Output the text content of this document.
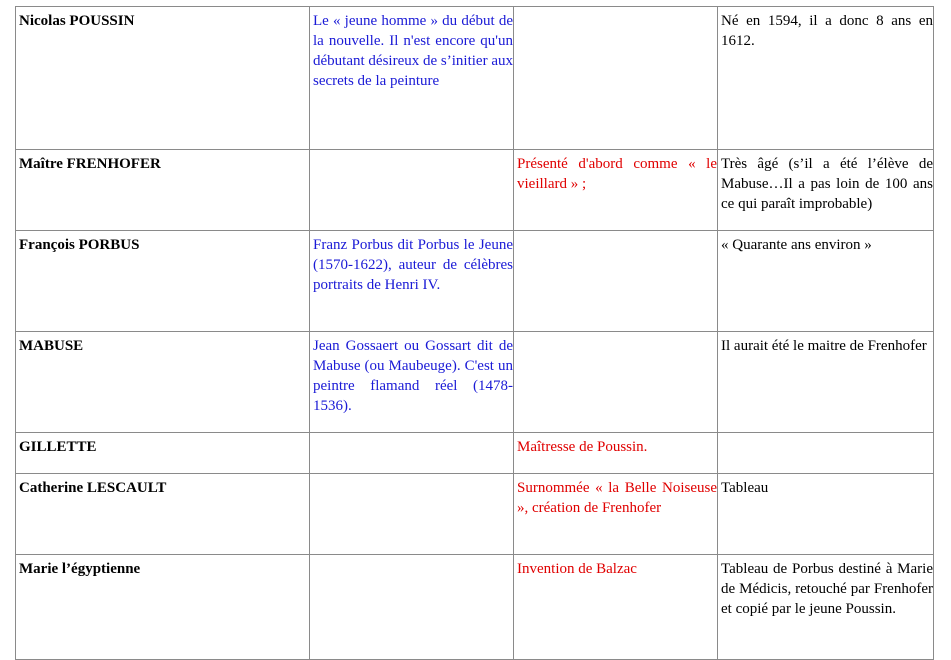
Nicolas POUSSIN	Le « jeune homme » du début de la nouvelle. Il n'est encore qu'un débutant désireux de s’initier aux secrets de la peinture		Né en 1594, il a donc 8 ans en 1612.
Maître FRENHOFER		Présenté d'abord comme « le vieillard » ;	Très âgé (s’il a été l’élève de Mabuse…Il a pas loin de 100 ans ce qui paraît improbable)
François PORBUS	Franz Porbus dit Porbus le Jeune (1570-1622), auteur de célèbres portraits de Henri IV.		« Quarante ans environ »
MABUSE	Jean Gossaert ou Gossart dit de Mabuse (ou Maubeuge). C'est un peintre flamand réel (1478-1536).		Il aurait été le maitre de Frenhofer
GILLETTE		Maîtresse de Poussin.	
Catherine LESCAULT		Surnommée « la Belle Noiseuse », création de Frenhofer	Tableau
Marie l’égyptienne		Invention de Balzac	Tableau de Porbus destiné à Marie de Médicis, retouché par Frenhofer et copié par le jeune Poussin.
